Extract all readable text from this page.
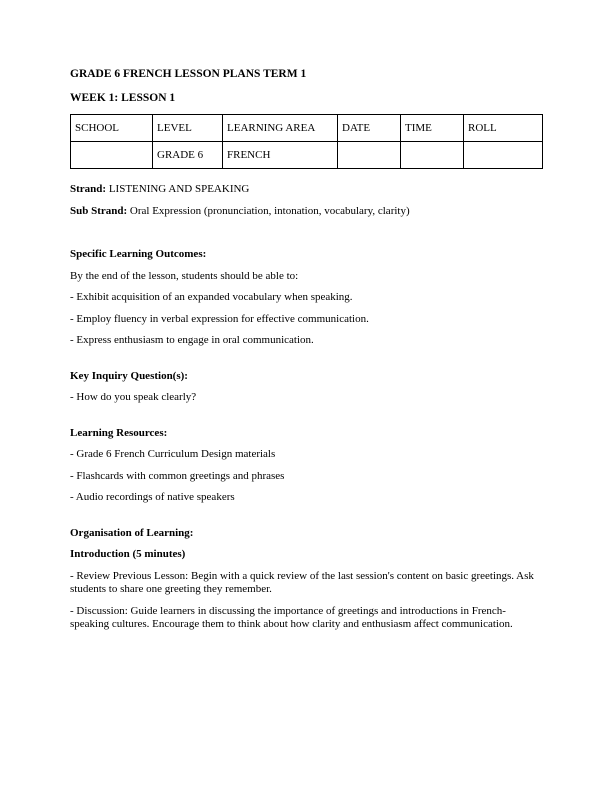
GRADE 6 FRENCH LESSON PLANS TERM 1

WEEK 1: LESSON 1

SCHOOL	LEVEL	LEARNING AREA	DATE	TIME	ROLL
	GRADE 6	FRENCH			

Strand: LISTENING AND SPEAKING

Sub Strand: Oral Expression (pronunciation, intonation, vocabulary, clarity)

Specific Learning Outcomes:

By the end of the lesson, students should be able to:

- Exhibit acquisition of an expanded vocabulary when speaking.

- Employ fluency in verbal expression for effective communication.

- Express enthusiasm to engage in oral communication.

Key Inquiry Question(s):

- How do you speak clearly?

Learning Resources:

- Grade 6 French Curriculum Design materials

- Flashcards with common greetings and phrases

- Audio recordings of native speakers

Organisation of Learning:

Introduction (5 minutes)

- Review Previous Lesson: Begin with a quick review of the last session's content on basic greetings. Ask students to share one greeting they remember.

- Discussion: Guide learners in discussing the importance of greetings and introductions in French-speaking cultures. Encourage them to think about how clarity and enthusiasm affect communication.
